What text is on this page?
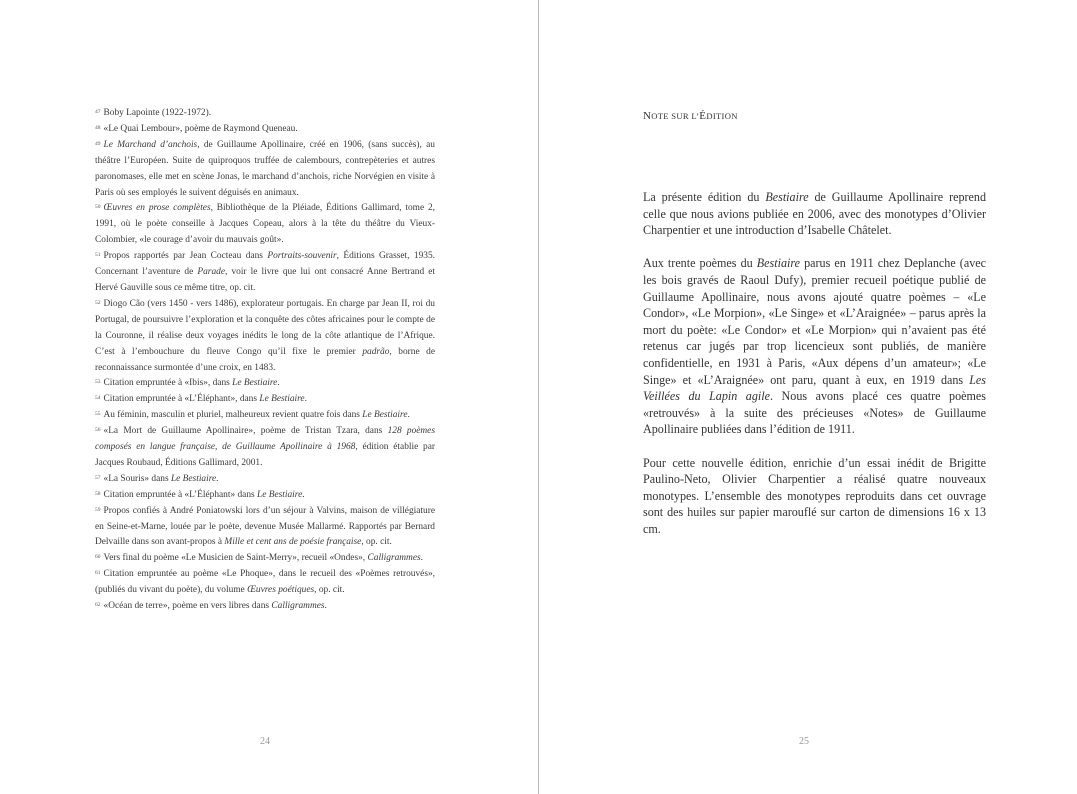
$^{47}$ Boby Lapointe (1922-1972).

$^{48}$ «Le Quai Lembour», poème de Raymond Queneau.

$^{49}$ Le Marchand d’anchois, de Guillaume Apollinaire, créé en 1906, (sans succès), au théâtre l’Européen. Suite de quiproquos truffée de calembours, contrepèteries et autres paronomases, elle met en scène Jonas, le marchand d’anchois, riche Norvégien en visite à Paris où ses employés le suivent déguisés en animaux.

$^{50}$ Œuvres en prose complètes, Bibliothèque de la Pléiade, Éditions Gallimard, tome 2, 1991, où le poète conseille à Jacques Copeau, alors à la tête du théâtre du Vieux-Colombier, «le courage d’avoir du mauvais goût».

$^{51}$ Propos rapportés par Jean Cocteau dans Portraits-souvenir, Éditions Grasset, 1935. Concernant l’aventure de Parade, voir le livre que lui ont consacré Anne Bertrand et Hervé Gauville sous ce même titre, op. cit.

$^{52}$ Diogo Cão (vers 1450 - vers 1486), explorateur portugais. En charge par Jean II, roi du Portugal, de poursuivre l’exploration et la conquête des côtes africaines pour le compte de la Couronne, il réalise deux voyages inédits le long de la côte atlantique de l’Afrique. C’est à l’embouchure du fleuve Congo qu’il fixe le premier padrão, borne de reconnaissance surmontée d’une croix, en 1483.

$^{53}$ Citation empruntée à «Ibis», dans Le Bestiaire.

$^{54}$ Citation empruntée à «L’Éléphant», dans Le Bestiaire.

$^{55}$ Au féminin, masculin et pluriel, malheureux revient quatre fois dans Le Bestiaire.

$^{56}$ «La Mort de Guillaume Apollinaire», poème de Tristan Tzara, dans 128 poèmes composés en langue française, de Guillaume Apollinaire à 1968, édition établie par Jacques Roubaud, Éditions Gallimard, 2001.

$^{57}$ «La Souris» dans Le Bestiaire.

$^{58}$ Citation empruntée à «L’Éléphant» dans Le Bestiaire.

$^{59}$ Propos confiés à André Poniatowski lors d’un séjour à Valvins, maison de villégiature en Seine-et-Marne, louée par le poète, devenue Musée Mallarmé. Rapportés par Bernard Delvaille dans son avant-propos à Mille et cent ans de poésie française, op. cit.

$^{60}$ Vers final du poème «Le Musicien de Saint-Merry», recueil «Ondes», Calligrammes.

$^{61}$ Citation empruntée au poème «Le Phoque», dans le recueil des «Poèmes retrouvés», (publiés du vivant du poète), du volume Œuvres poétiques, op. cit.

$^{62}$ «Océan de terre», poème en vers libres dans Calligrammes.

24
NOTE SUR L’ÉDITION

La présente édition du Bestiaire de Guillaume Apollinaire reprend celle que nous avions publiée en 2006, avec des monotypes d’Olivier Charpentier et une introduction d’Isabelle Châtelet.

Aux trente poèmes du Bestiaire parus en 1911 chez Deplanche (avec les bois gravés de Raoul Dufy), premier recueil poétique publié de Guillaume Apollinaire, nous avons ajouté quatre poèmes – «Le Condor», «Le Morpion», «Le Singe» et «L’Araignée» – parus après la mort du poète: «Le Condor» et «Le Morpion» qui n’avaient pas été retenus car jugés par trop licencieux sont publiés, de manière confidentielle, en 1931 à Paris, «Aux dépens d’un amateur»; «Le Singe» et «L’Araignée» ont paru, quant à eux, en 1919 dans Les Veillées du Lapin agile. Nous avons placé ces quatre poèmes «retrouvés» à la suite des précieuses «Notes» de Guillaume Apollinaire publiées dans l’édition de 1911.

Pour cette nouvelle édition, enrichie d’un essai inédit de Brigitte Paulino-Neto, Olivier Charpentier a réalisé quatre nouveaux monotypes. L’ensemble des monotypes reproduits dans cet ouvrage sont des huiles sur papier marouflé sur carton de dimensions 16 x 13 cm.

25
